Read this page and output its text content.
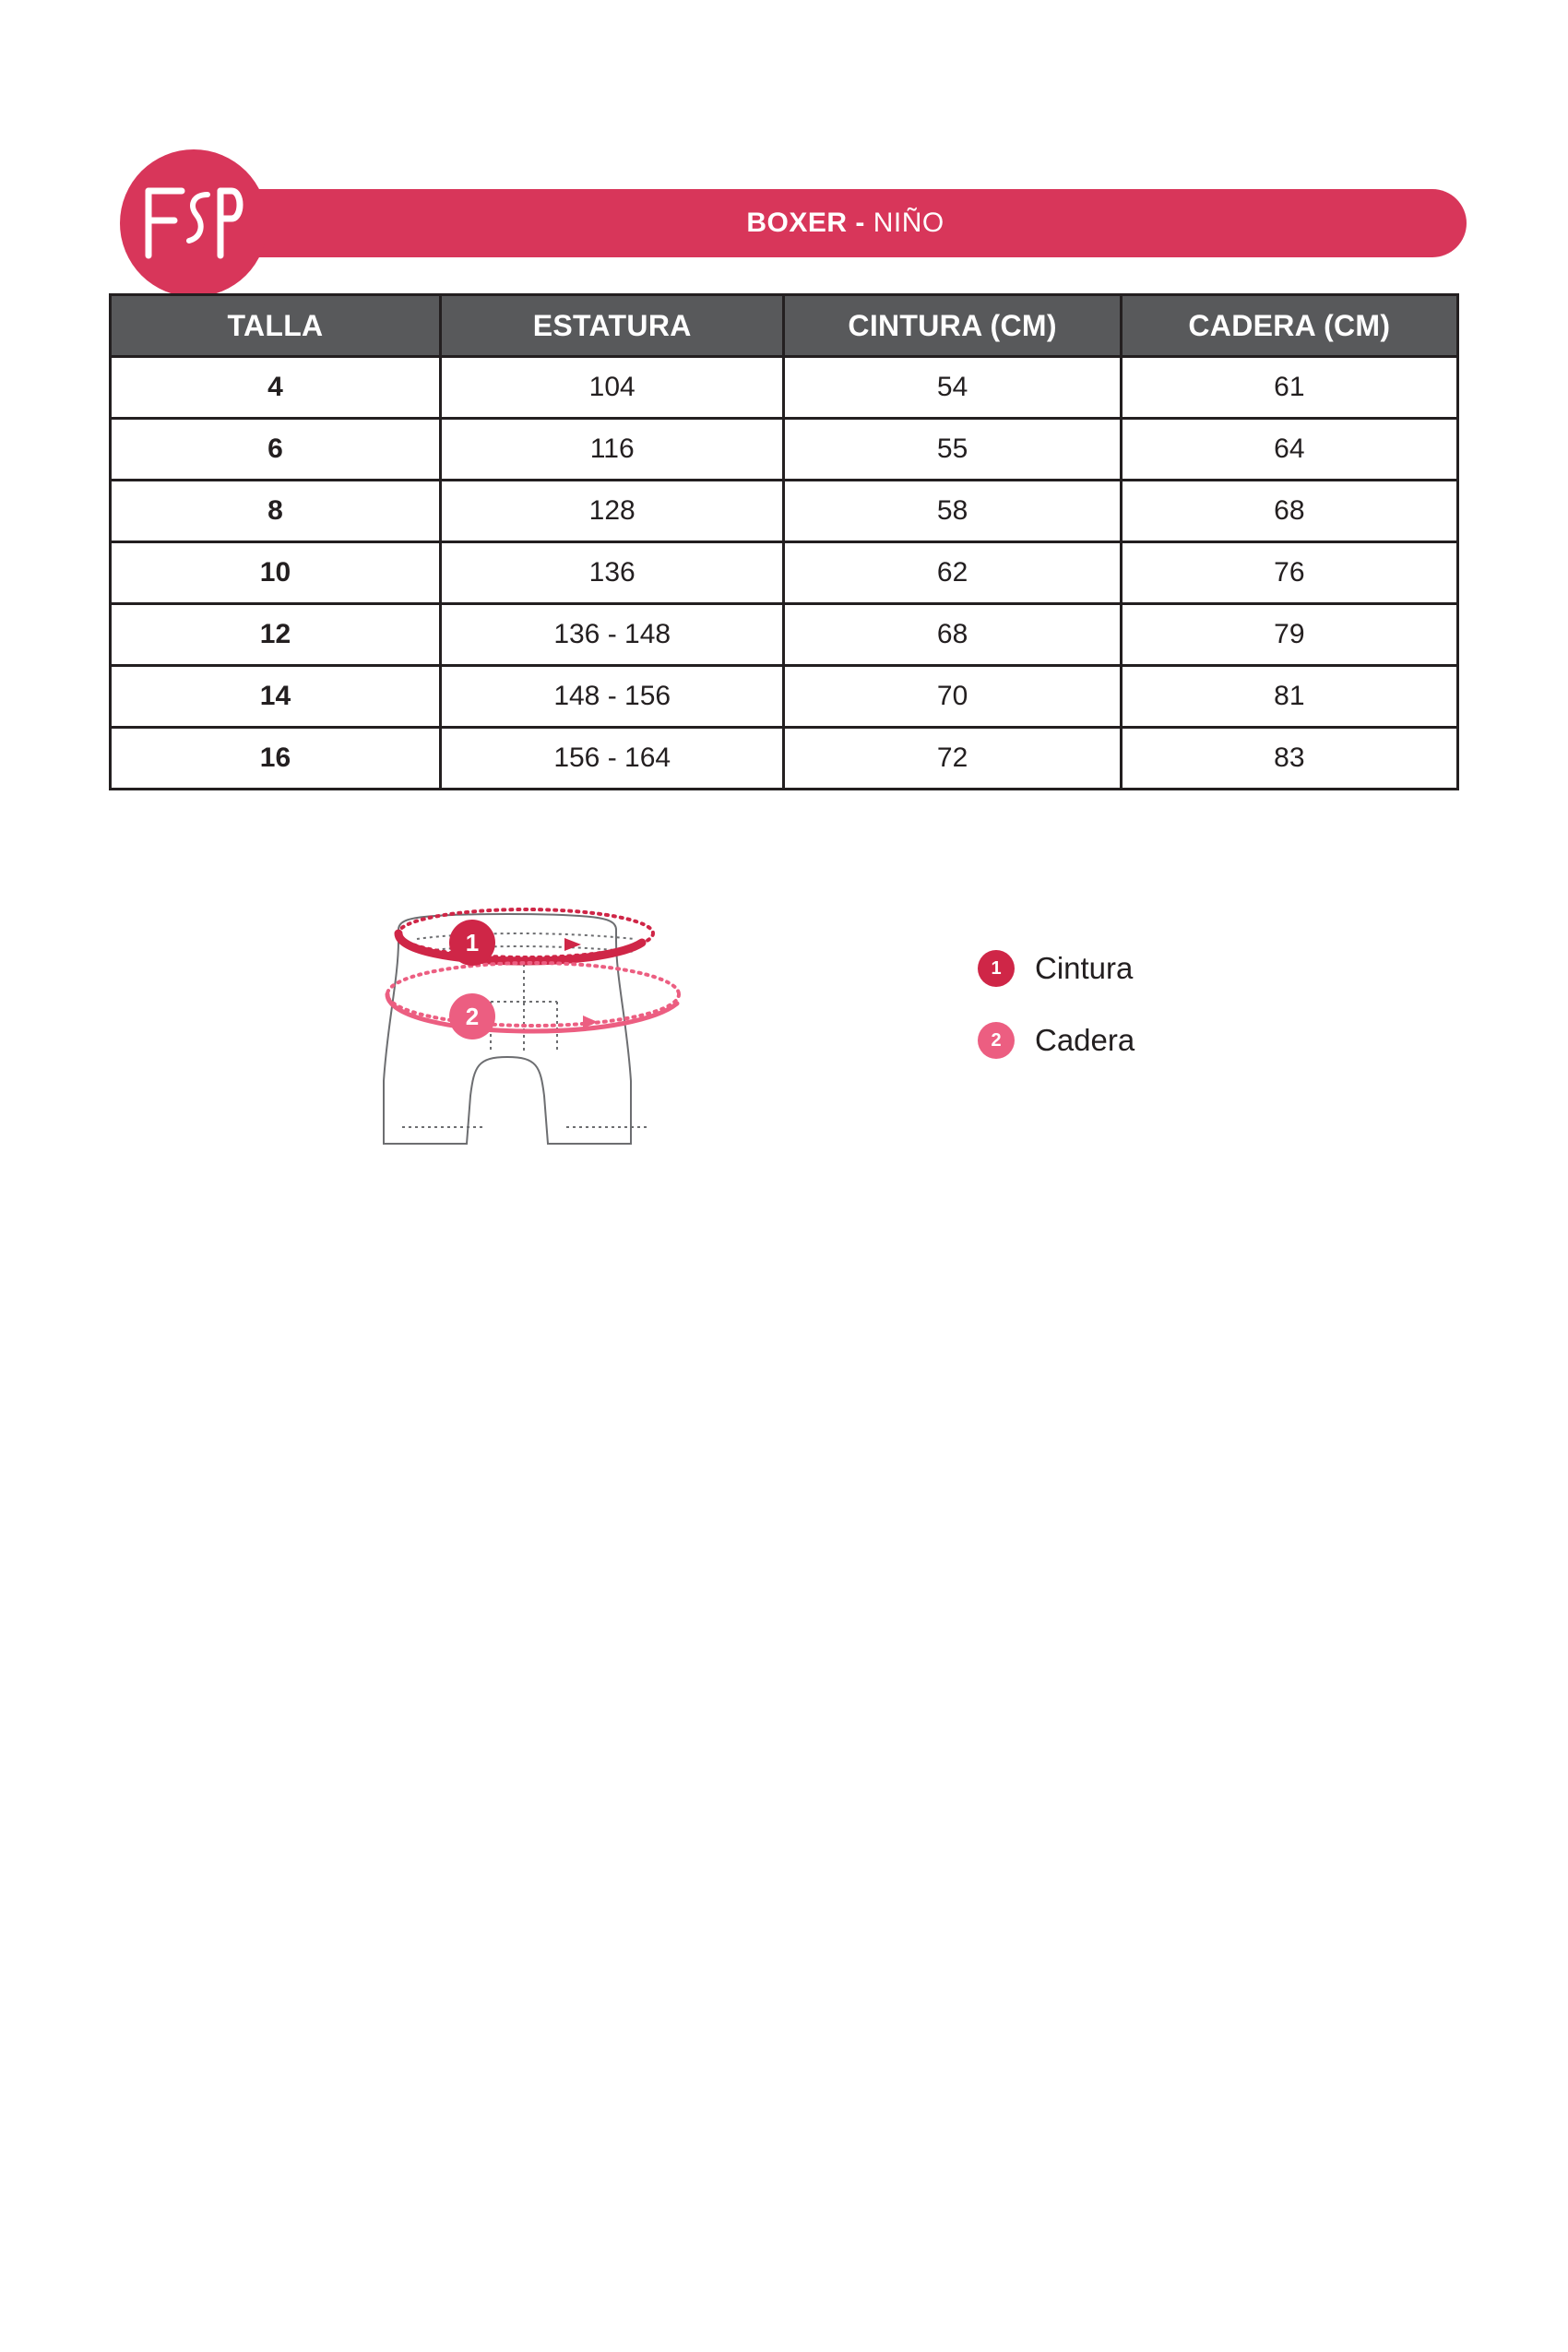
BOXER - NIÑO

TALLA	ESTATURA	CINTURA (CM)	CADERA (CM)
4	104	54	61
6	116	55	64
8	128	58	68
10	136	62	76
12	136 - 148	68	79
14	148 - 156	70	81
16	156 - 164	72	83
1
2
1	Cintura
2	Cadera
